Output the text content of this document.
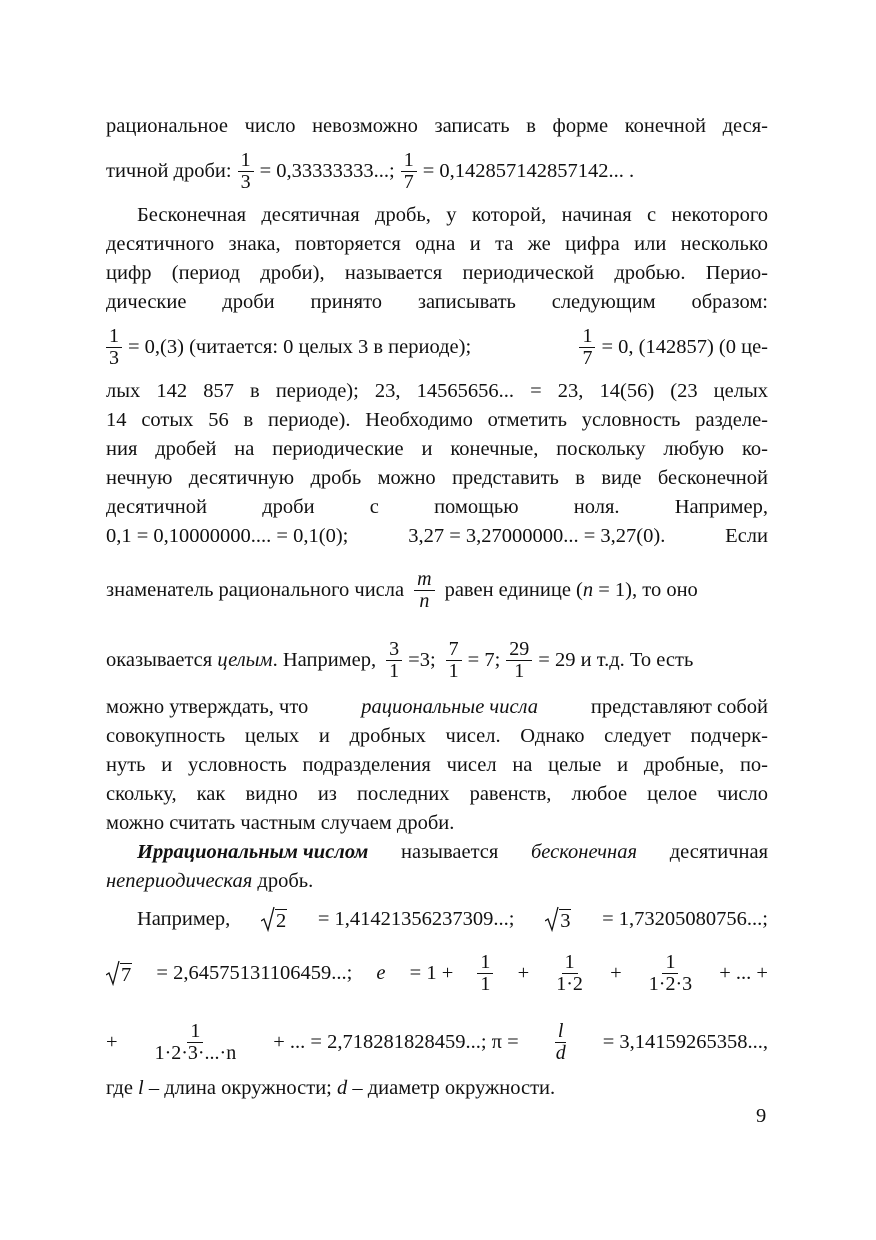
рациональное число невозможно записать в форме конечной деся-
тичной дроби: $\frac{1}{3} = 0,33333333$...; $\frac{1}{7} = 0,142857142857142$... .
Бесконечная десятичная дробь, у которой, начиная с некоторого
десятичного знака, повторяется одна и та же цифра или несколько
цифр (период дроби), называется периодической дробью. Перио-
дические дроби принято записывать следующим образом:
$\frac{1}{3} = 0,(3)$ (читается: 0 целых 3 в периоде);	$\frac{1}{7} = 0$, (142857) (0 це-
лых 142 857 в периоде); 23, 14565656... = 23, 14(56) (23 целых
14 сотых 56 в периоде). Необходимо отметить условность разделе-
ния дробей на периодические и конечные, поскольку любую ко-
нечную десятичную дробь можно представить в виде бесконечной
десятичной дроби с помощью ноля. Например,
0,1 = 0,10000000.... = 0,1(0);	3,27 = 3,27000000... = 3,27(0).	Если
знаменатель рационального числа m
n равен единице ( n
= 1), то оно
оказывается
целым . Например, $\frac{3}{1} =3$; $\frac{7}{1} = 7$; $\frac{29}{1} = 29$ и т.д. То есть
можно утверждать, что	рациональные числа	представляют собой
совокупность целых и дробных чисел. Однако следует подчерк-
нуть и условность подразделения чисел на целые и дробные, по-
скольку, как видно из последних равенств, любое целое число
можно считать частным случаем дроби.
Иррациональным числом называется бесконечная десятичная
непериодическая дробь.
Например, 2 = 1,41421356237309...; 3 = 1,73205080756...;
7 = 2,64575131106459...; $e = 1 + \frac{1}{1} + \frac{1}{1\cdot 2} + \frac{1}{1\cdot 2\cdot 3}$ + ... +
+ $\frac{1}{1\cdot 2\cdot 3\cdot...\cdot n}$ + ... = 2,718281828459...; $\pi = \frac{l}{d} = 3,14159265358$...,
где l – длина окружности; d – диаметр окружности.
9
